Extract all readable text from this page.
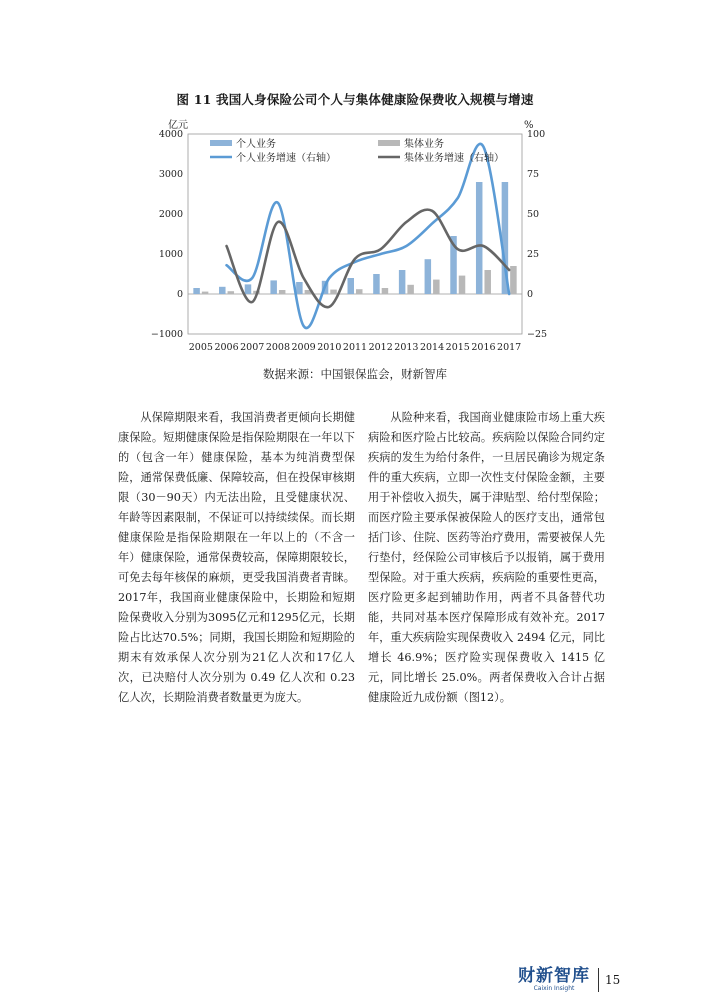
图 11 我国人身保险公司个人与集体健康险保费收入规模与增速
−1000
0
1000
2000
3000
4000
−25
0
25
50
75
100
亿元	%
2005 2006 2007 2008 2009 2010 2011 2012 2013 2014 2015 2016 2017
个人业务	集体业务
个人业务增速（右轴）	集体业务增速（右轴）
数据来源：中国银保监会，财新智库

从保障期限来看，我国消费者更倾向长期健康保险。短期健康保险是指保险期限在一年以下的（包含一年）健康保险，基本为纯消费型保险，通常保费低廉、保障较高，但在投保审核期限（30－90天）内无法出险，且受健康状况、年龄等因素限制，不保证可以持续续保。而长期健康保险是指保险期限在一年以上的（不含一年）健康保险，通常保费较高，保障期限较长，可免去每年核保的麻烦，更受我国消费者青睐。2017年，我国商业健康保险中，长期险和短期险保费收入分别为3095亿元和1295亿元，长期险占比达70.5%；同期，我国长期险和短期险的期末有效承保人次分别为21亿人次和17亿人次，已决赔付人次分别为 0.49 亿人次和 0.23 亿人次，长期险消费者数量更为庞大。

从险种来看，我国商业健康险市场上重大疾病险和医疗险占比较高。疾病险以保险合同约定疾病的发生为给付条件，一旦居民确诊为规定条件的重大疾病，立即一次性支付保险金额，主要用于补偿收入损失，属于津贴型、给付型保险；而医疗险主要承保被保险人的医疗支出，通常包括门诊、住院、医药等治疗费用，需要被保人先行垫付，经保险公司审核后予以报销，属于费用型保险。对于重大疾病，疾病险的重要性更高，医疗险更多起到辅助作用，两者不具备替代功能，共同对基本医疗保障形成有效补充。2017年，重大疾病险实现保费收入 2494 亿元，同比增长 46.9%；医疗险实现保费收入 1415 亿元，同比增长 25.0%。两者保费收入合计占据健康险近九成份额（图12）。

财新智库
Caixin Insight
15
